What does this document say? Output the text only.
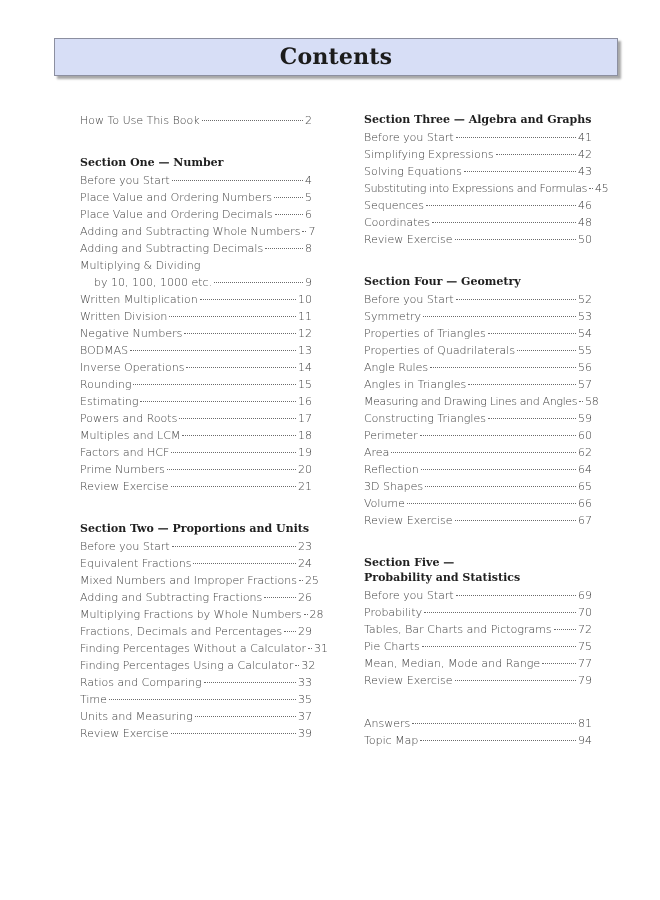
Contents
How To Use This Book	2
Section One — Number
Before you Start	4
Place Value and Ordering Numbers	5
Place Value and Ordering Decimals	6
Adding and Subtracting Whole Numbers 7
Adding and Subtracting Decimals	8
Multiplying & Dividing
by 10, 100, 1000 etc.	9
Written Multiplication	10
Written Division	11
Negative Numbers	12
BODMAS	13
Inverse Operations	14
Rounding	15
Estimating	16
Powers and Roots	17
Multiples and LCM	18
Factors and HCF	19
Prime Numbers	20
Review Exercise	21
Section Two — Proportions and Units
Before you Start	23
Equivalent Fractions	24
Mixed Numbers and Improper Fractions 25
Adding and Subtracting Fractions	26
Multiplying Fractions by Whole Numbers 28
Fractions, Decimals and Percentages 29
Finding Percentages Without a Calculator 31
Finding Percentages Using a Calculator 32
Ratios and Comparing	33
Time	35
Units and Measuring	37
Review Exercise	39
Section Three — Algebra and Graphs
Before you Start	41
Simplifying Expressions	42
Solving Equations	43
Substituting into Expressions and Formulas 45
Sequences	46
Coordinates	48
Review Exercise	50
Section Four — Geometry
Before you Start	52
Symmetry	53
Properties of Triangles	54
Properties of Quadrilaterals	55
Angle Rules	56
Angles in Triangles	57
Measuring and Drawing Lines and Angles 58
Constructing Triangles	59
Perimeter	60
Area	62
Reflection	64
3D Shapes	65
Volume	66
Review Exercise	67
Section Five —
Probability and Statistics
Before you Start	69
Probability	70
Tables, Bar Charts and Pictograms 72
Pie Charts	75
Mean, Median, Mode and Range	77
Review Exercise	79
Answers	81
Topic Map	94
